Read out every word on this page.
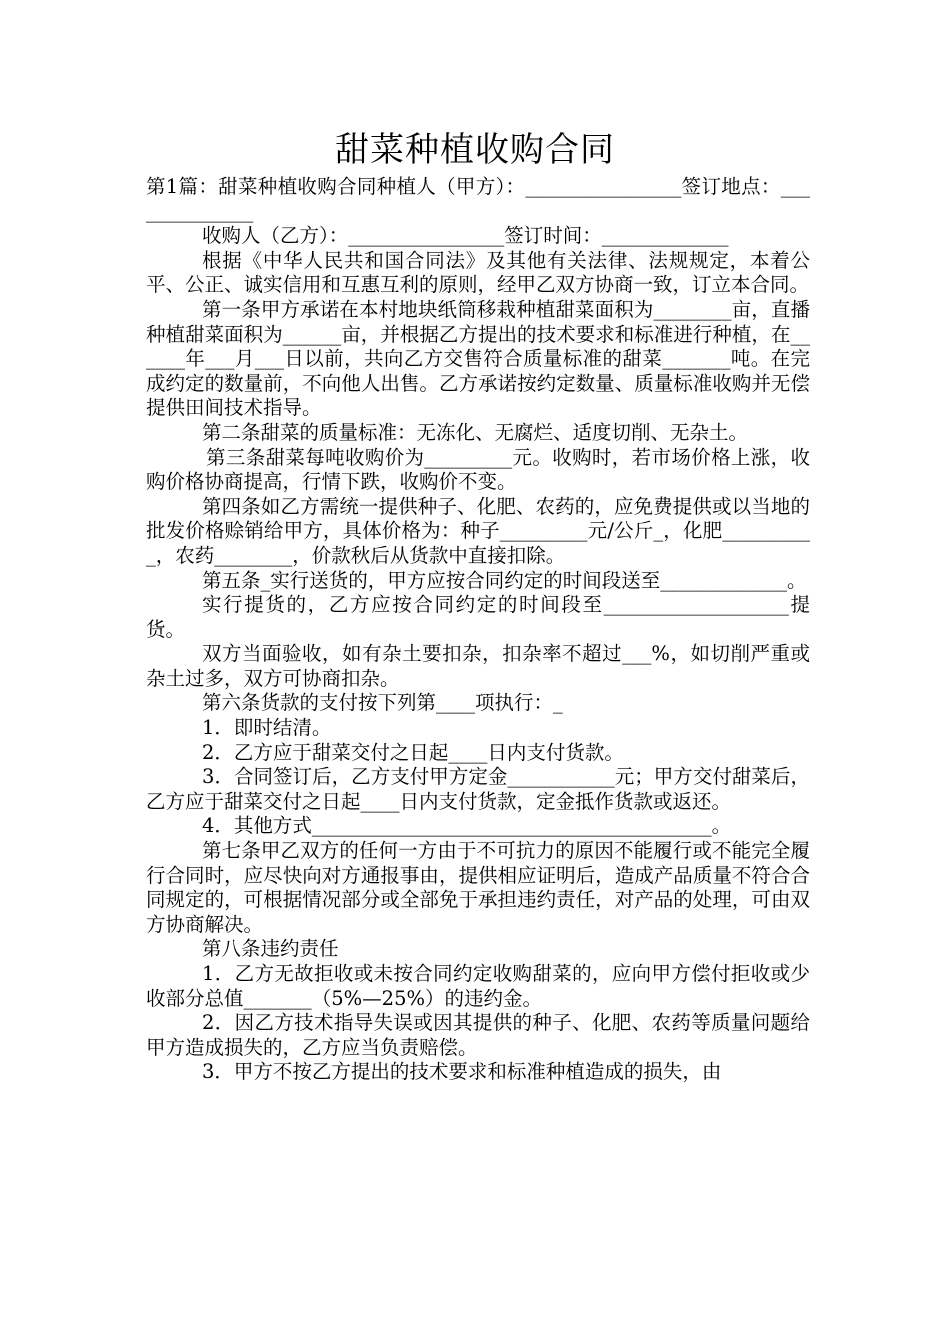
甜菜种植收购合同

第1篇：甜菜种植收购合同种植人（甲方）：________________签订地点：______________

收购人（乙方）：________________签订时间：_____________

根据《中华人民共和国合同法》及其他有关法律、法规规定，本着公平、公正、诚实信用和互惠互利的原则，经甲乙双方协商一致，订立本合同。

第一条甲方承诺在本村地块纸筒移栽种植甜菜面积为________亩，直播种植甜菜面积为______亩，并根据乙方提出的技术要求和标准进行种植，在______年___月___日以前，共向乙方交售符合质量标准的甜菜_______吨。在完成约定的数量前，不向他人出售。乙方承诺按约定数量、质量标准收购并无偿提供田间技术指导。

第二条甜菜的质量标准：无冻化、无腐烂、适度切削、无杂土。

第三条甜菜每吨收购价为_________元。收购时，若市场价格上涨，收购价格协商提高，行情下跌，收购价不变。

第四条如乙方需统一提供种子、化肥、农药的，应免费提供或以当地的批发价格赊销给甲方，具体价格为：种子_________元/公斤_，化肥__________，农药________，价款秋后从货款中直接扣除。

第五条_实行送货的，甲方应按合同约定的时间段送至_____________。

实行提货的，乙方应按合同约定的时间段至___________________提货。

双方当面验收，如有杂土要扣杂，扣杂率不超过___%，如切削严重或杂土过多，双方可协商扣杂。

第六条货款的支付按下列第____项执行：_

1．即时结清。

2．乙方应于甜菜交付之日起____日内支付货款。

3．合同签订后，乙方支付甲方定金___________元；甲方交付甜菜后，乙方应于甜菜交付之日起____日内支付货款，定金抵作货款或返还。

4．其他方式_________________________________________。

第七条甲乙双方的任何一方由于不可抗力的原因不能履行或不能完全履行合同时，应尽快向对方通报事由，提供相应证明后，造成产品质量不符合合同规定的，可根据情况部分或全部免于承担违约责任，对产品的处理，可由双方协商解决。

第八条违约责任

1．乙方无故拒收或未按合同约定收购甜菜的，应向甲方偿付拒收或少收部分总值_______（5%—25%）的违约金。

2．因乙方技术指导失误或因其提供的种子、化肥、农药等质量问题给甲方造成损失的，乙方应当负责赔偿。

3．甲方不按乙方提出的技术要求和标准种植造成的损失，由
